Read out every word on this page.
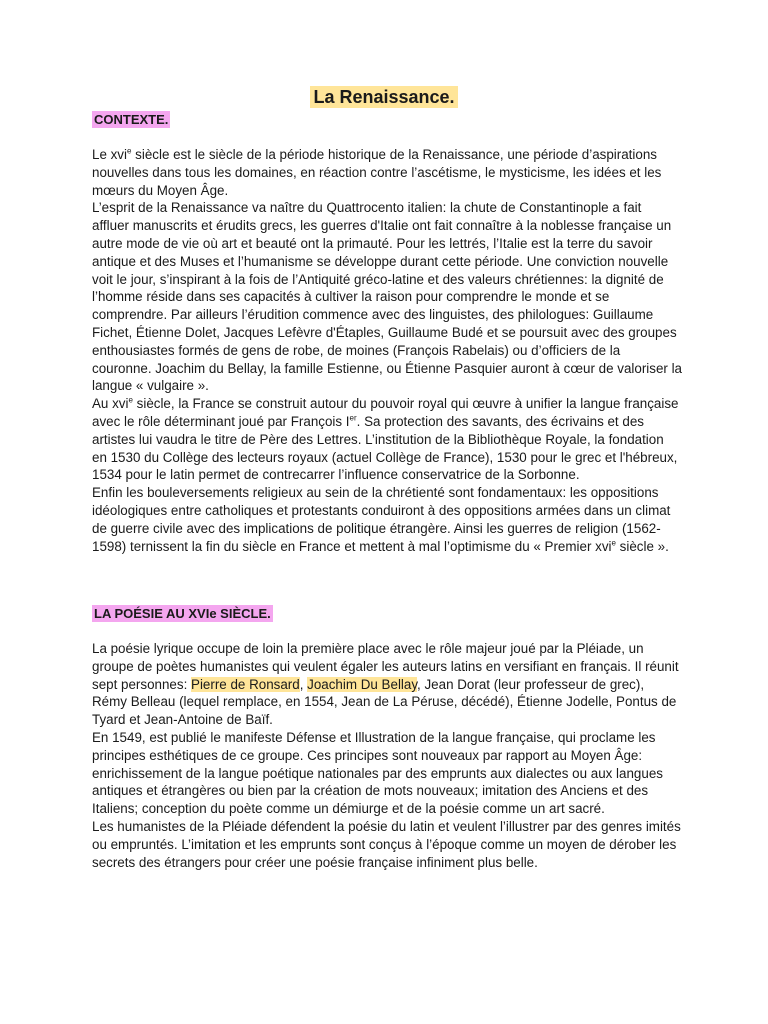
La Renaissance.
CONTEXTE.

Le xvi$^e$ siècle est le siècle de la période historique de la Renaissance, une période d’aspirations nouvelles dans tous les domaines, en réaction contre l’ascétisme, le mysticisme, les idées et les mœurs du Moyen Âge.

L’esprit de la Renaissance va naître du Quattrocento italien: la chute de Constantinople a fait affluer manuscrits et érudits grecs, les guerres d'Italie ont fait connaître à la noblesse française un autre mode de vie où art et beauté ont la primauté. Pour les lettrés, l’Italie est la terre du savoir antique et des Muses et l’humanisme se développe durant cette période. Une conviction nouvelle voit le jour, s’inspirant à la fois de l’Antiquité gréco-latine et des valeurs chrétiennes: la dignité de l’homme réside dans ses capacités à cultiver la raison pour comprendre le monde et se comprendre. Par ailleurs l’érudition commence avec des linguistes, des philologues: Guillaume Fichet, Étienne Dolet, Jacques Lefèvre d'Étaples, Guillaume Budé et se poursuit avec des groupes enthousiastes formés de gens de robe, de moines (François Rabelais) ou d’officiers de la couronne. Joachim du Bellay, la famille Estienne, ou Étienne Pasquier auront à cœur de valoriser la langue « vulgaire ».

Au xvi$^e$ siècle, la France se construit autour du pouvoir royal qui œuvre à unifier la langue française avec le rôle déterminant joué par François Ier. Sa protection des savants, des écrivains et des artistes lui vaudra le titre de Père des Lettres. L’institution de la Bibliothèque Royale, la fondation en 1530 du Collège des lecteurs royaux (actuel Collège de France), 1530 pour le grec et l'hébreux, 1534 pour le latin permet de contrecarrer l’influence conservatrice de la Sorbonne.

Enfin les bouleversements religieux au sein de la chrétienté sont fondamentaux: les oppositions idéologiques entre catholiques et protestants conduiront à des oppositions armées dans un climat de guerre civile avec des implications de politique étrangère. Ainsi les guerres de religion (1562-1598) ternissent la fin du siècle en France et mettent à mal l’optimisme du « Premier xvi$^e$ siècle ».

LA POÉSIE AU XVIe SIÈCLE.

La poésie lyrique occupe de loin la première place avec le rôle majeur joué par la Pléiade, un groupe de poètes humanistes qui veulent égaler les auteurs latins en versifiant en français. Il réunit sept personnes: Pierre de Ronsard, Joachim Du Bellay, Jean Dorat (leur professeur de grec), Rémy Belleau (lequel remplace, en 1554, Jean de La Péruse, décédé), Étienne Jodelle, Pontus de Tyard et Jean-Antoine de Baïf.

En 1549, est publié le manifeste Défense et Illustration de la langue française, qui proclame les principes esthétiques de ce groupe. Ces principes sont nouveaux par rapport au Moyen Âge: enrichissement de la langue poétique nationales par des emprunts aux dialectes ou aux langues antiques et étrangères ou bien par la création de mots nouveaux; imitation des Anciens et des Italiens; conception du poète comme un démiurge et de la poésie comme un art sacré.

Les humanistes de la Pléiade défendent la poésie du latin et veulent l’illustrer par des genres imités ou empruntés. L’imitation et les emprunts sont conçus à l’époque comme un moyen de dérober les secrets des étrangers pour créer une poésie française infiniment plus belle.
